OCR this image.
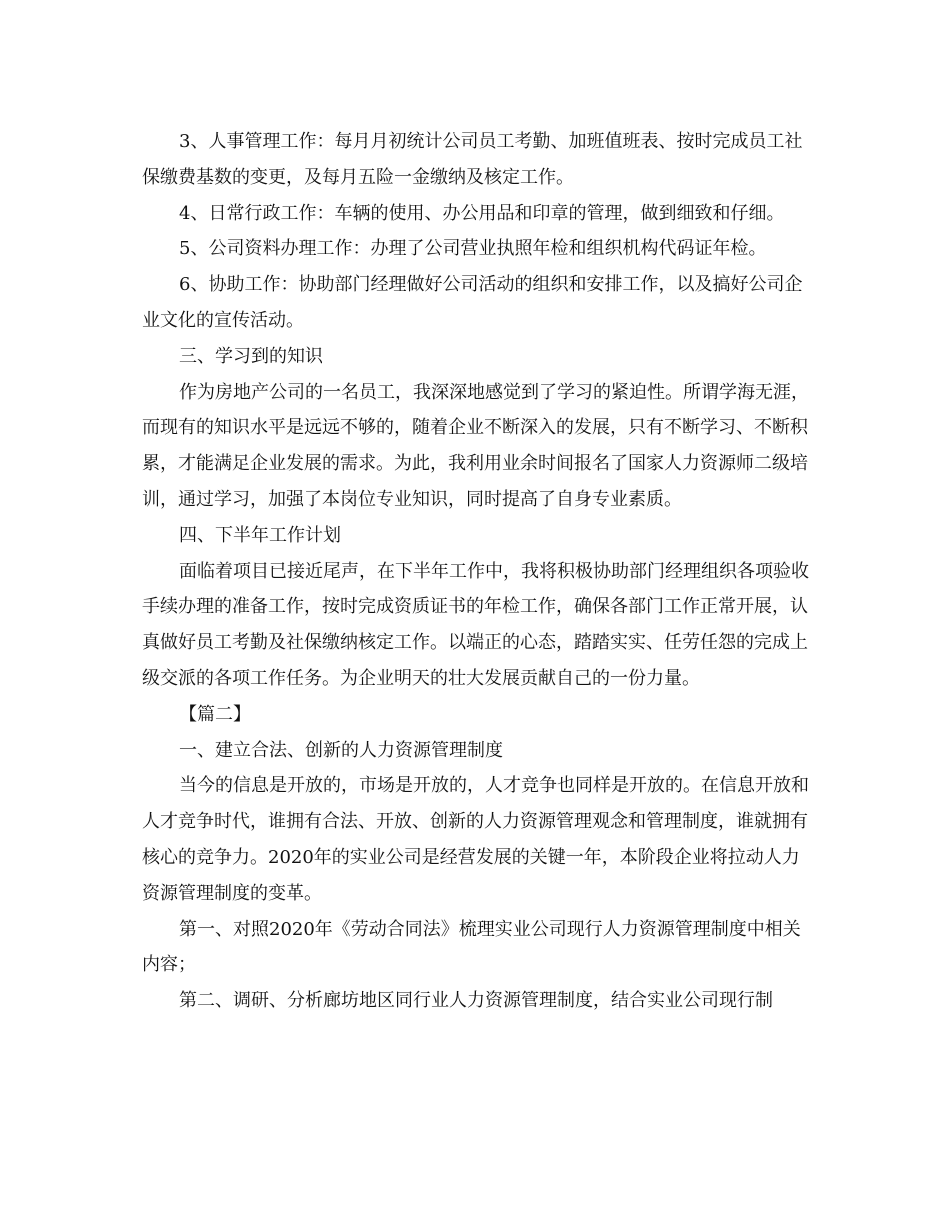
3、人事管理工作：每月月初统计公司员工考勤、加班值班表、按时完成员工社保缴费基数的变更，及每月五险一金缴纳及核定工作。

4、日常行政工作：车辆的使用、办公用品和印章的管理，做到细致和仔细。

5、公司资料办理工作：办理了公司营业执照年检和组织机构代码证年检。

6、协助工作：协助部门经理做好公司活动的组织和安排工作，以及搞好公司企业文化的宣传活动。

三、学习到的知识

作为房地产公司的一名员工，我深深地感觉到了学习的紧迫性。所谓学海无涯，而现有的知识水平是远远不够的，随着企业不断深入的发展，只有不断学习、不断积累，才能满足企业发展的需求。为此，我利用业余时间报名了国家人力资源师二级培训，通过学习，加强了本岗位专业知识，同时提高了自身专业素质。

四、下半年工作计划

面临着项目已接近尾声，在下半年工作中，我将积极协助部门经理组织各项验收手续办理的准备工作，按时完成资质证书的年检工作，确保各部门工作正常开展，认真做好员工考勤及社保缴纳核定工作。以端正的心态，踏踏实实、任劳任怨的完成上级交派的各项工作任务。为企业明天的壮大发展贡献自己的一份力量。

【篇二】

一、建立合法、创新的人力资源管理制度

当今的信息是开放的，市场是开放的，人才竞争也同样是开放的。在信息开放和人才竞争时代，谁拥有合法、开放、创新的人力资源管理观念和管理制度，谁就拥有核心的竞争力。2020年的实业公司是经营发展的关键一年，本阶段企业将拉动人力资源管理制度的变革。

第一、对照2020年《劳动合同法》梳理实业公司现行人力资源管理制度中相关内容；

第二、调研、分析廊坊地区同行业人力资源管理制度，结合实业公司现行制
